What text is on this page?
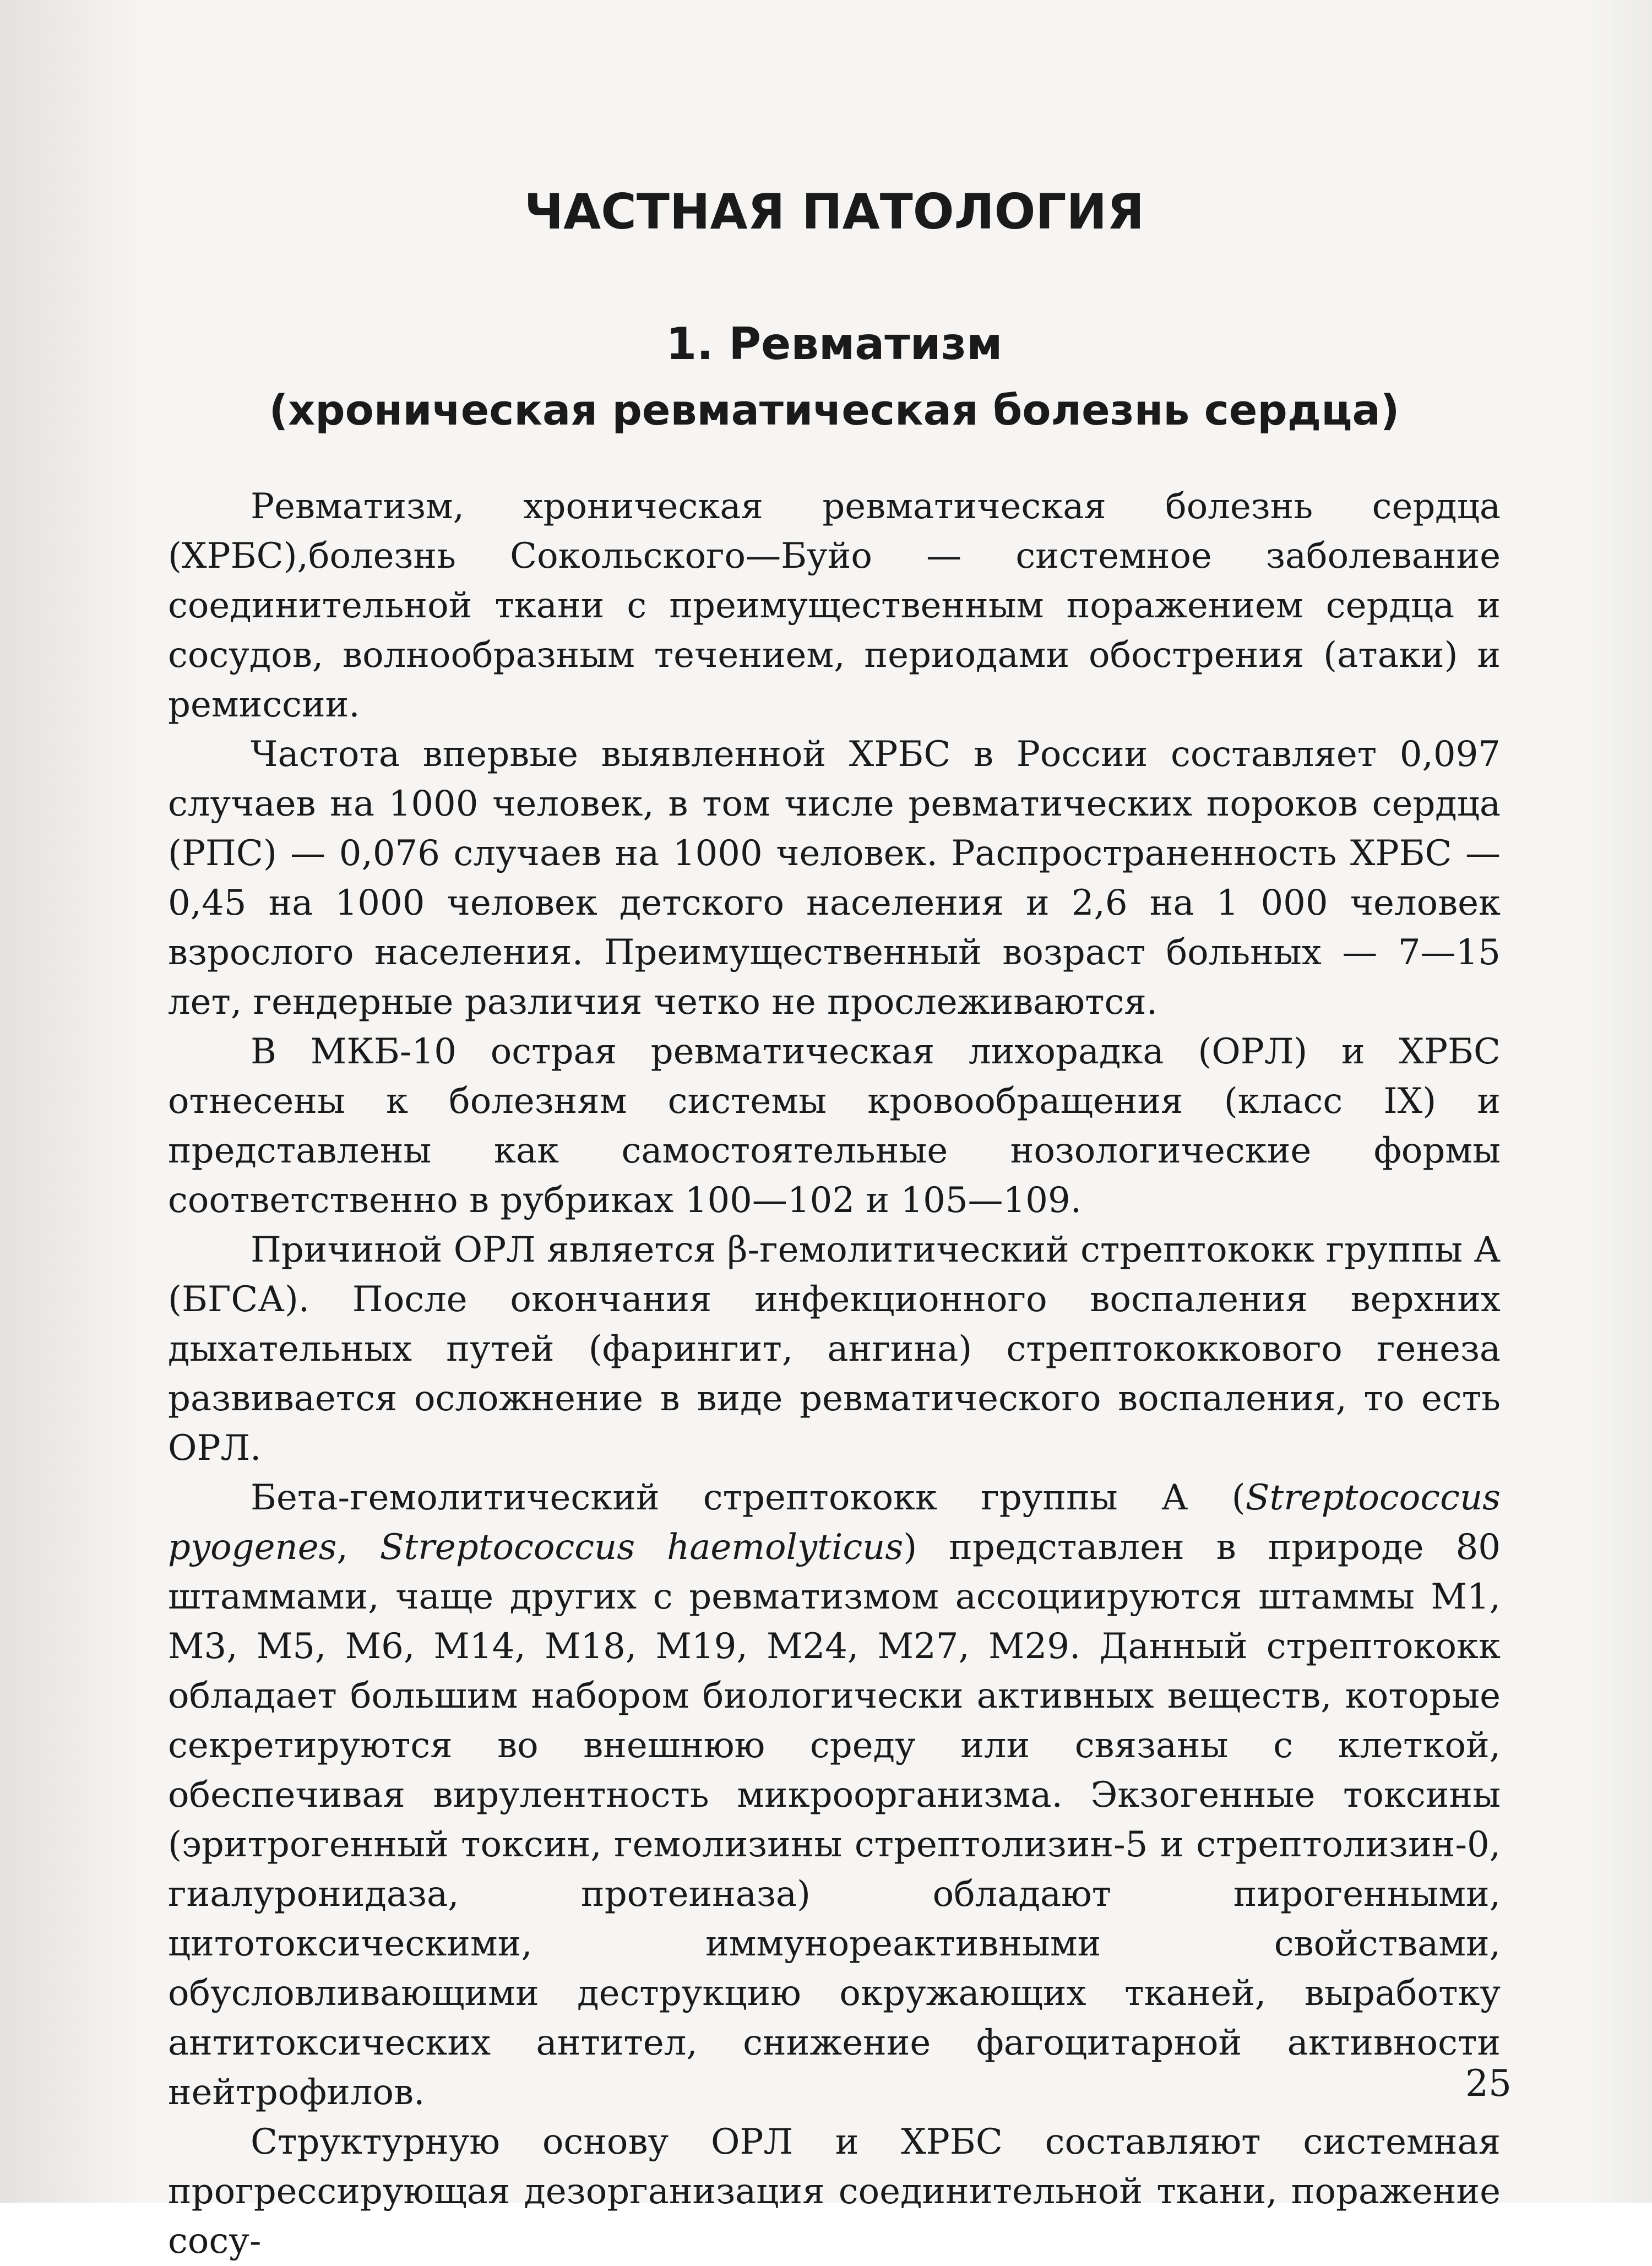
ЧАСТНАЯ ПАТОЛОГИЯ
1. Ревматизм
(хроническая ревматическая болезнь сердца)

Ревматизм, хроническая ревматическая болезнь сердца (ХРБС),болезнь Сокольского—Буйо — системное заболевание соединительной ткани с преимущественным поражением сердца и сосудов, волнообразным течением, периодами обострения (атаки) и ремиссии.

Частота впервые выявленной ХРБС в России составляет 0,097 случаев на 1000 человек, в том числе ревматических пороков сердца (РПС) — 0,076 случаев на 1000 человек. Распространенность ХРБС — 0,45 на 1000 человек детского населения и 2,6 на 1 000 человек взрослого населения. Преимущественный возраст больных — 7—15 лет, гендерные различия четко не прослеживаются.

В МКБ-10 острая ревматическая лихорадка (ОРЛ) и ХРБС отнесены к болезням системы кровообращения (класс IX) и представлены как самостоятельные нозологические формы соответственно в рубриках 100—102 и 105—109.

Причиной ОРЛ является β-гемолитический стрептококк группы А (БГСА). После окончания инфекционного воспаления верхних дыхательных путей (фарингит, ангина) стрептококкового генеза развивается осложнение в виде ревматического воспаления, то есть ОРЛ.

Бета-гемолитический стрептококк группы А (Streptococcus pyogenes, Streptococcus haemolyticus) представлен в природе 80 штаммами, чаще других с ревматизмом ассоциируются штаммы М1, М3, М5, М6, М14, М18, М19, М24, М27, М29. Данный стрептококк обладает большим набором биологически активных веществ, которые секретируются во внешнюю среду или связаны с клеткой, обеспечивая вирулентность микроорганизма. Экзогенные токсины (эритрогенный токсин, гемолизины стрептолизин-5 и стрептолизин-0, гиалуронидаза, протеиназа) обладают пирогенными, цитотоксическими, иммунореактивными свойствами, обусловливающими деструкцию окружающих тканей, выработку антитоксических антител, снижение фагоцитарной активности нейтрофилов.

Структурную основу ОРЛ и ХРБС составляют системная прогрессирующая дезорганизация соединительной ткани, поражение сосу-

25
